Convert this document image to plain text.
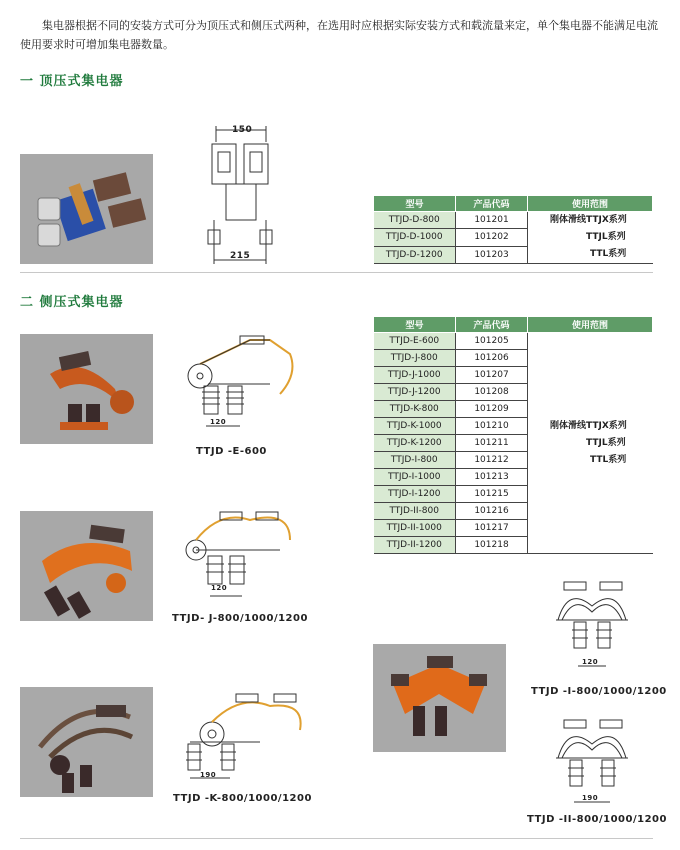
集电器根据不同的安装方式可分为顶压式和侧压式两种，在选用时应根据实际安装方式和载流量来定，单个集电器不能满足电流使用要求时可增加集电器数量。

一 顶压式集电器
150
215
型号	产品代码	使用范围
TTJD-D-800	101201	刚体滑线TTJX系列
TTJL系列
TTL系列

TTJD-D-1000	101202	
TTJD-D-1200	101203	
二 侧压式集电器
型号	产品代码	使用范围
TTJD-E-600	101205	刚体滑线TTJX系列
TTJL系列
TTL系列

TTJD-J-800	101206	
TTJD-J-1000	101207	
TTJD-J-1200	101208	
TTJD-K-800	101209	
TTJD-K-1000	101210	
TTJD-K-1200	101211	
TTJD-I-800	101212	
TTJD-I-1000	101213	
TTJD-I-1200	101215	
TTJD-II-800	101216	
TTJD-II-1000	101217	
TTJD-II-1200	101218	
120
TTJD -E-600
120
TTJD- J-800/1000/1200
190
TTJD -K-800/1000/1200
120
TTJD -I-800/1000/1200
190
TTJD -II-800/1000/1200
